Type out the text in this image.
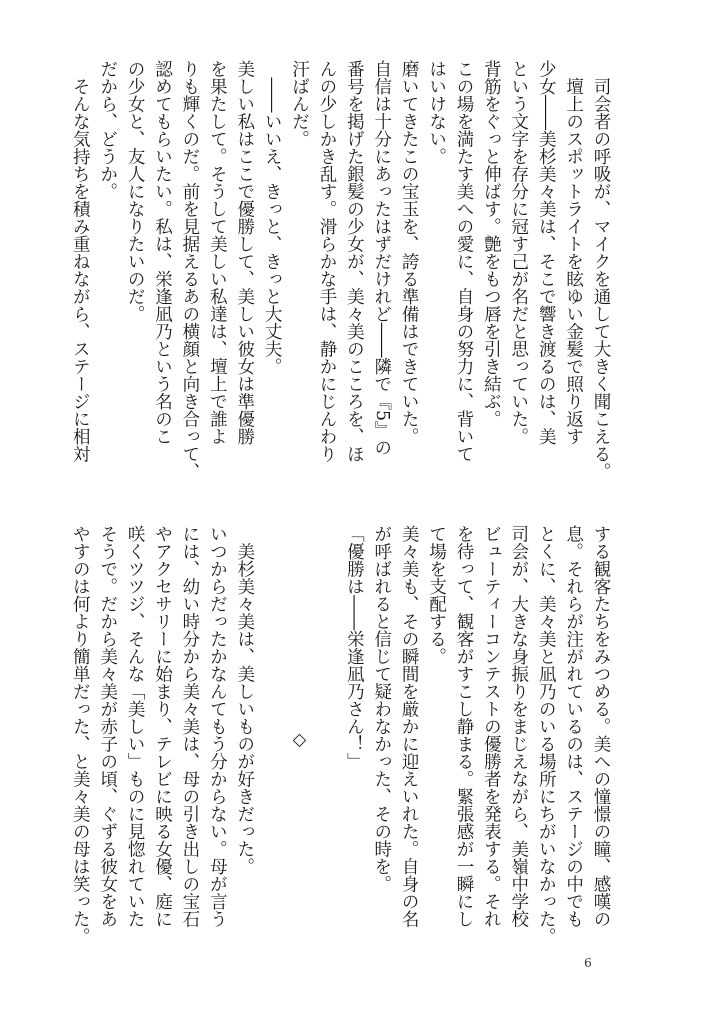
　司会者の呼吸が、マイクを通して大きく聞こえる。
　壇上のスポットライトを眩ゆい金髪で照り返す
少女――美杉美々美は、そこで響き渡るのは、美
という文字を存分に冠す己が名だと思っていた。
背筋をぐっと伸ばす。艶をもつ唇を引き結ぶ。
この場を満たす美への愛に、自身の努力に、背いて
はいけない。
磨いてきたこの宝玉を、誇る準備はできていた。
自信は十分にあったはずだけれど――隣で『5』の
番号を掲げた銀髪の少女が、美々美のこころを、ほ
んの少しかき乱す。滑らかな手は、静かにじんわり
汗ばんだ。
　――いいえ、きっと、きっと大丈夫。
美しい私はここで優勝して、美しい彼女は準優勝
を果たして。そうして美しい私達は、壇上で誰よ
りも輝くのだ。前を見据えるあの横顔と向き合って、
認めてもらいたい。私は、栄逢凪乃という名のこ
の少女と、友人になりたいのだ。
だから、どうか。
　そんな気持ちを積み重ねながら、ステージに相対
する観客たちをみつめる。美への憧憬の瞳、感嘆の
息。それらが注がれているのは、ステージの中でも
とくに、美々美と凪乃のいる場所にちがいなかった。
司会が、大きな身振りをまじえながら、美嶺中学校
ビューティーコンテストの優勝者を発表する。それ
を待って、観客がすこし静まる。緊張感が一瞬にし
て場を支配する。
美々美も、その瞬間を厳かに迎えいれた。自身の名
が呼ばれると信じて疑わなかった、その時を。
「優勝は――栄逢凪乃さん！」
◇
　美杉美々美は、美しいものが好きだった。
いつからだったかなんてもう分からない。母が言う
には、幼い時分から美々美は、母の引き出しの宝石
やアクセサリーに始まり、テレビに映る女優、庭に
咲くツツジ、そんな「美しい」ものに見惚れていた
そうで。だから美々美が赤子の頃、ぐずる彼女をあ
やすのは何より簡単だった、と美々美の母は笑った。
6
